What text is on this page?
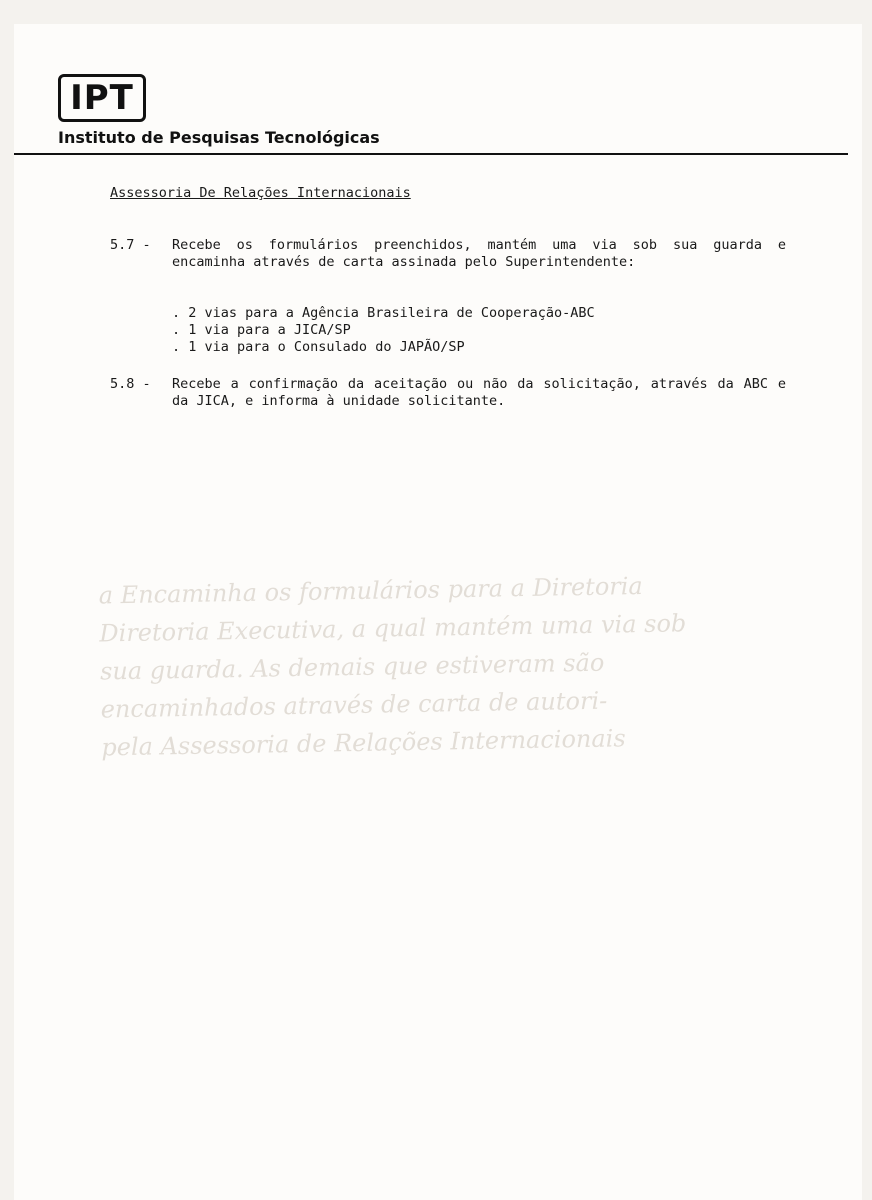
IPT
Instituto de Pesquisas Tecnológicas
Assessoria De Relações Internacionais
5.7 -	Recebe os formulários preenchidos, mantém uma via sob sua guarda e encaminha através de carta assinada pelo Superintendente:
. 2 vias para a Agência Brasileira de Cooperação-ABC
. 1 via para a JICA/SP
. 1 via para o Consulado do JAPÃO/SP
5.8 -	Recebe a confirmação da aceitação ou não da solicitação, através da ABC e da JICA, e informa à unidade solicitante.
a Encaminha os formulários para a Diretoria
Diretoria Executiva, a qual mantém uma via sob
sua guarda. As demais que estiveram são
encaminhados através de carta de autori-
pela Assessoria de Relações Internacionais
